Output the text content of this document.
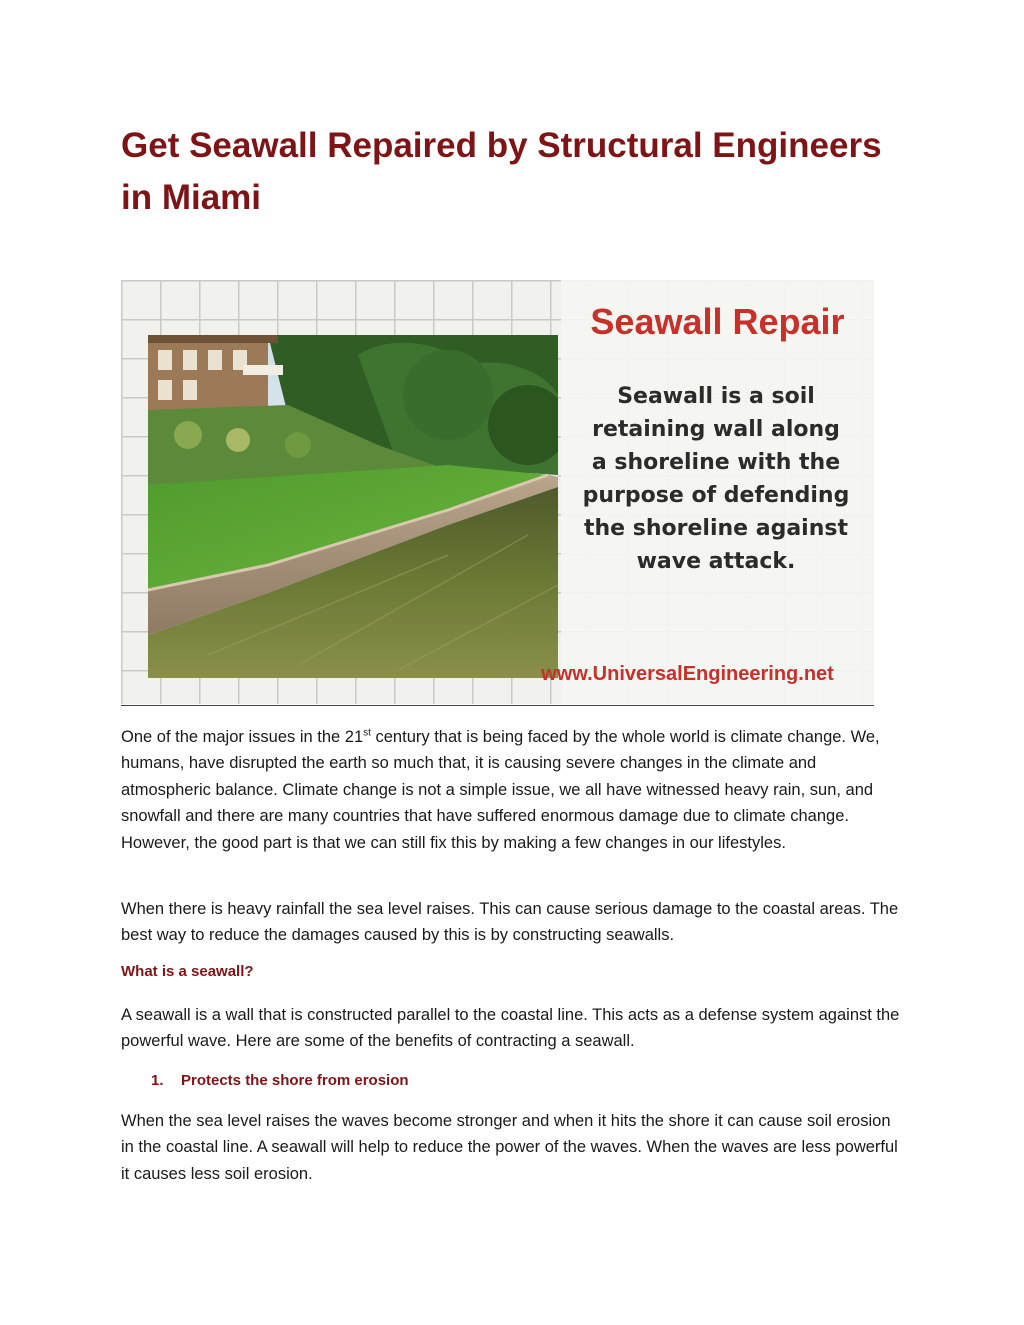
Get Seawall Repaired by Structural Engineers in Miami
Seawall Repair
Seawall is a soil retaining wall along a shoreline with the purpose of defending the shoreline against wave attack.
www.UniversalEngineering.net

One of the major issues in the 21st century that is being faced by the whole world is climate change. We, humans, have disrupted the earth so much that, it is causing severe changes in the climate and atmospheric balance. Climate change is not a simple issue, we all have witnessed heavy rain, sun, and snowfall and there are many countries that have suffered enormous damage due to climate change. However, the good part is that we can still fix this by making a few changes in our lifestyles.

When there is heavy rainfall the sea level raises. This can cause serious damage to the coastal areas. The best way to reduce the damages caused by this is by constructing seawalls.

What is a seawall?

A seawall is a wall that is constructed parallel to the coastal line. This acts as a defense system against the powerful wave. Here are some of the benefits of contracting a seawall.

1. Protects the shore from erosion

When the sea level raises the waves become stronger and when it hits the shore it can cause soil erosion in the coastal line. A seawall will help to reduce the power of the waves. When the waves are less powerful it causes less soil erosion.
